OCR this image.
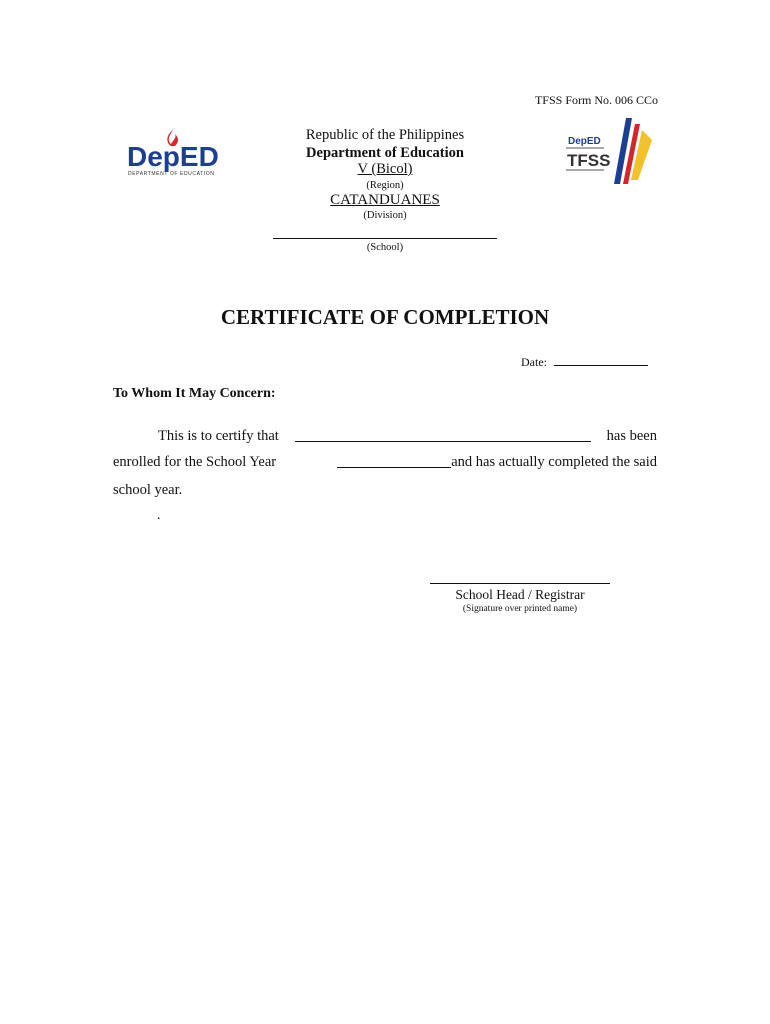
TFSS Form No. 006 CCo
DepED
DEPARTMENT OF EDUCATION
DepED
TFSS
Republic of the Philippines
Department of Education
V (Bicol)
(Region)
CATANDUANES
(Division)
(School)
CERTIFICATE OF COMPLETION
Date:
To Whom It May Concern:
This is to certify that	has been
enrolled for the School Year	and has actually completed the said
school year.
.
School Head / Registrar
(Signature over printed name)
